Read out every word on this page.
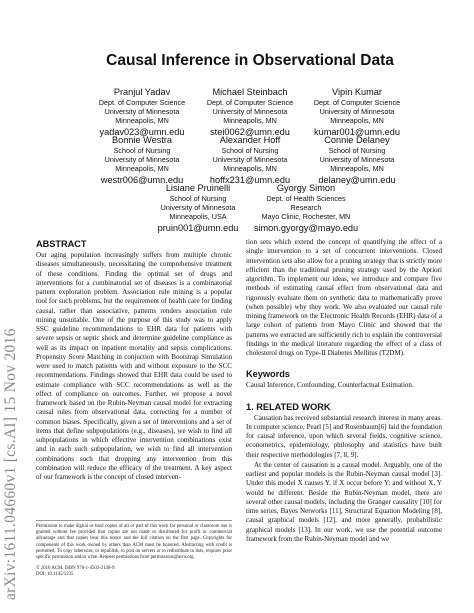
arXiv:1611.04660v1 [cs.AI] 15 Nov 2016
Causal Inference in Observational Data
Pranjul Yadav
Dept. of Computer Science
University of Minnesota
Minneapolis, MN
yadav023@umn.edu
Michael Steinbach
Dept. of Computer Science
University of Minnesota
Minneapolis, MN
stei0062@umn.edu
Vipin Kumar
Dept. of Computer Science
University of Minnesota
Minneapolis, MN
kumar001@umn.edu
Bonnie Westra
School of Nursing
University of Minnesota
Minneapolis, MN
westr006@umn.edu
Alexander Hoff
School of Nursing
University of Minnesota
Minneapolis, MN
hoffx231@umn.edu
Connie Delaney
School of Nursing
University of Minnesota
Minneapolis, MN
delaney@umn.edu
Lisiane Pruinelli
School of Nursing
University of Minnesota
Minneapolis, USA
pruin001@umn.edu
Gyorgy Simon
Dept. of Health Sciences
Research
Mayo Clinic, Rochester, MN
simon.gyorgy@mayo.edu
ABSTRACT

Our aging population increasingly suffers from multiple chronic diseases simultaneously, necessitating the comprehensive treatment of these conditions. Finding the optimal set of drugs and interventions for a combinatorial set of diseases is a combinatorial pattern exploration problem. Association rule mining is a popular tool for such problems, but the requirement of health care for finding causal, rather than associative, patterns renders association rule mining unsuitable. One of the purpose of this study was to apply SSC guideline recommendations to EHR data for patients with severe sepsis or septic shock and determine guideline compliance as well as its impact on inpatient mortality and sepsis complications. Propensity Score Matching in conjuction with Bootstrap Simulation were used to match patients with and without exposure to the SCC recommendations. Findings showed that EHR data could be used to estimate compliance with SCC recommendations as well as the effect of compliance on outcomes. Further, we propose a novel framework based on the Rubin-Neyman causal model for extracting causal rules from observational data, correcting for a number of common biases. Specifically, given a set of interventions and a set of items that define subpopulations (e.g., diseases), we wish to find all subpopulations in which effective intervention combinations exist and in each such subpopulation, we wish to find all intervention combinations such that dropping any intervention from this combination will reduce the efficacy of the treatment. A key aspect of our framework is the concept of closed interven-

tion sets which extend the concept of quantifying the effect of a single intervention to a set of concurrent interventions. Closed intervention sets also allow for a pruning strategy that is strictly more efficient than the traditional pruning strategy used by the Apriori algorithm. To implement our ideas, we introduce and compare five methods of estimating causal effect from observational data and rigorously evaluate them on synthetic data to mathematically prove (when possible) why they work. We also evaluated our causal rule mining framework on the Electronic Health Records (EHR) data of a large cohort of patients from Mayo Clinic and showed that the patterns we extracted are sufficiently rich to explain the controversial findings in the medical literature regarding the effect of a class of cholesterol drugs on Type-II Diabetes Mellitus (T2DM).

Keywords

Causal Inference, Confounding, Counterfactual Estimation.

1. RELATED WORK

Causation has received substantial research interest in many areas. In computer science, Pearl [5] and Rosenbaum[6] laid the foundation for causal inference, upon which several fields, cognitive science, econometrics, epidemiology, philosophy and statistics have built their respective methodologies [7, 8, 9].

At the center of causation is a causal model. Arguably, one of the earliest and popular models is the Rubin-Neyman causal model [3]. Under this model X causes Y, if X occur before Y; and without X, Y would be different. Beside the Rubin-Neyman model, there are several other causal models, including the Granger causality [10] for time series, Bayes Networks [11], Structural Equation Modeling [8], causal graphical models [12], and more generally, probabilistic graphical models [13]. In our work, we use the potential outcome framework from the Rubin-Neyman model and we

Permission to make digital or hard copies of all or part of this work for personal or classroom use is granted without fee provided that copies are not made or distributed for profit or commercial advantage and that copies bear this notice and the full citation on the first page. Copyrights for components of this work owned by others than ACM must be honored. Abstracting with credit is permitted. To copy otherwise, or republish, to post on servers or to redistribute to lists, requires prior specific permission and/or a fee. Request permissions from permissions@acm.org.
© 2016 ACM. ISBN 978-1-4503-2138-9.
DOI: 10.1145/1235
